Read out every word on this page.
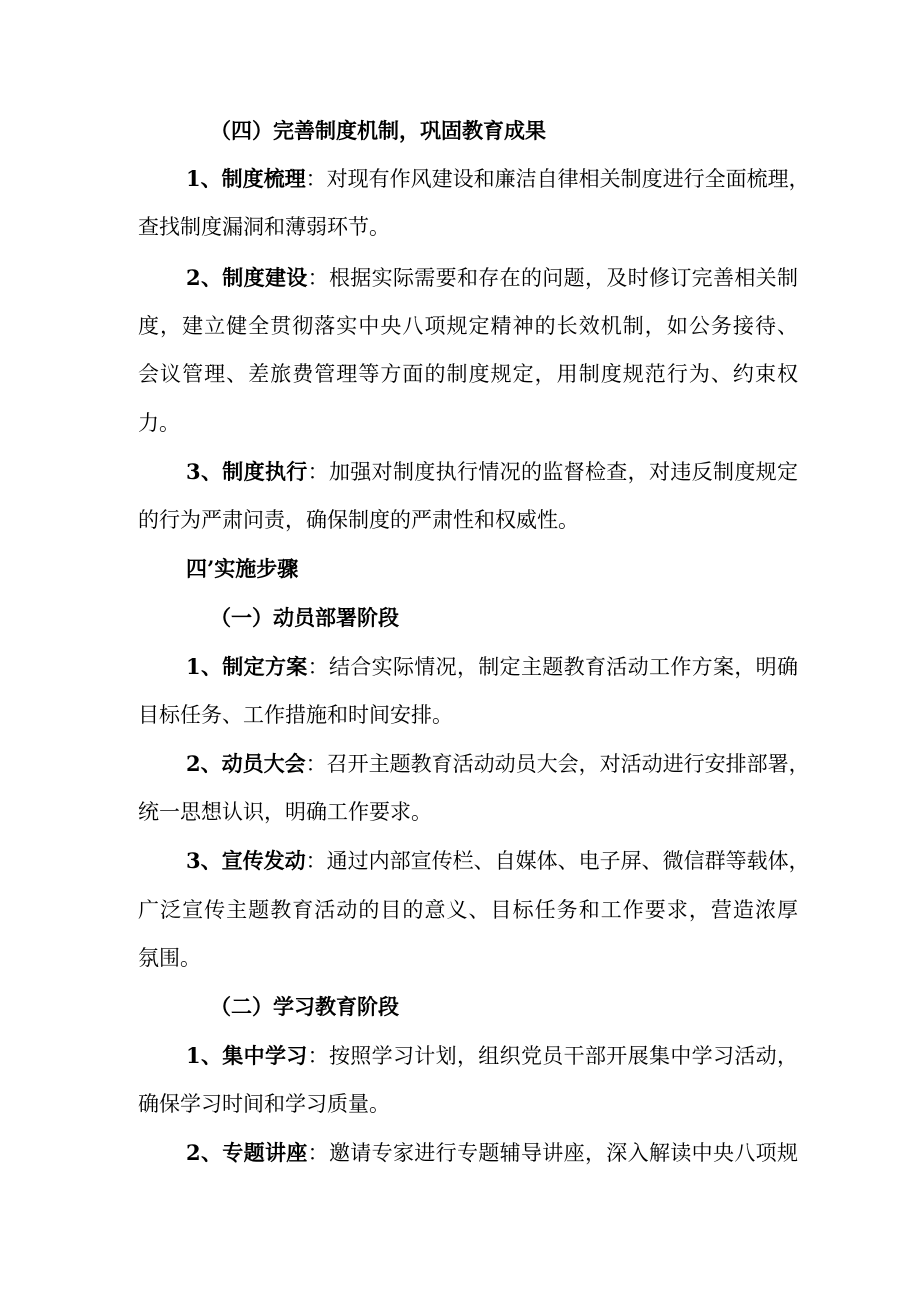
（四）完善制度机制，巩固教育成果
1、制度梳理：对现有作风建设和廉洁自律相关制度进行全面梳理，
查找制度漏洞和薄弱环节。
2、制度建设：根据实际需要和存在的问题，及时修订完善相关制
度，建立健全贯彻落实中央八项规定精神的长效机制，如公务接待、
会议管理、差旅费管理等方面的制度规定，用制度规范行为、约束权
力。
3、制度执行：加强对制度执行情况的监督检查，对违反制度规定
的行为严肃问责，确保制度的严肃性和权威性。
四’实施步骤
（一）动员部署阶段
1、制定方案：结合实际情况，制定主题教育活动工作方案，明确
目标任务、工作措施和时间安排。
2、动员大会：召开主题教育活动动员大会，对活动进行安排部署，
统一思想认识，明确工作要求。
3、宣传发动：通过内部宣传栏、自媒体、电子屏、微信群等载体，
广泛宣传主题教育活动的目的意义、目标任务和工作要求，营造浓厚
氛围。
（二）学习教育阶段
1、集中学习：按照学习计划，组织党员干部开展集中学习活动，
确保学习时间和学习质量。
2、专题讲座：邀请专家进行专题辅导讲座，深入解读中央八项规
